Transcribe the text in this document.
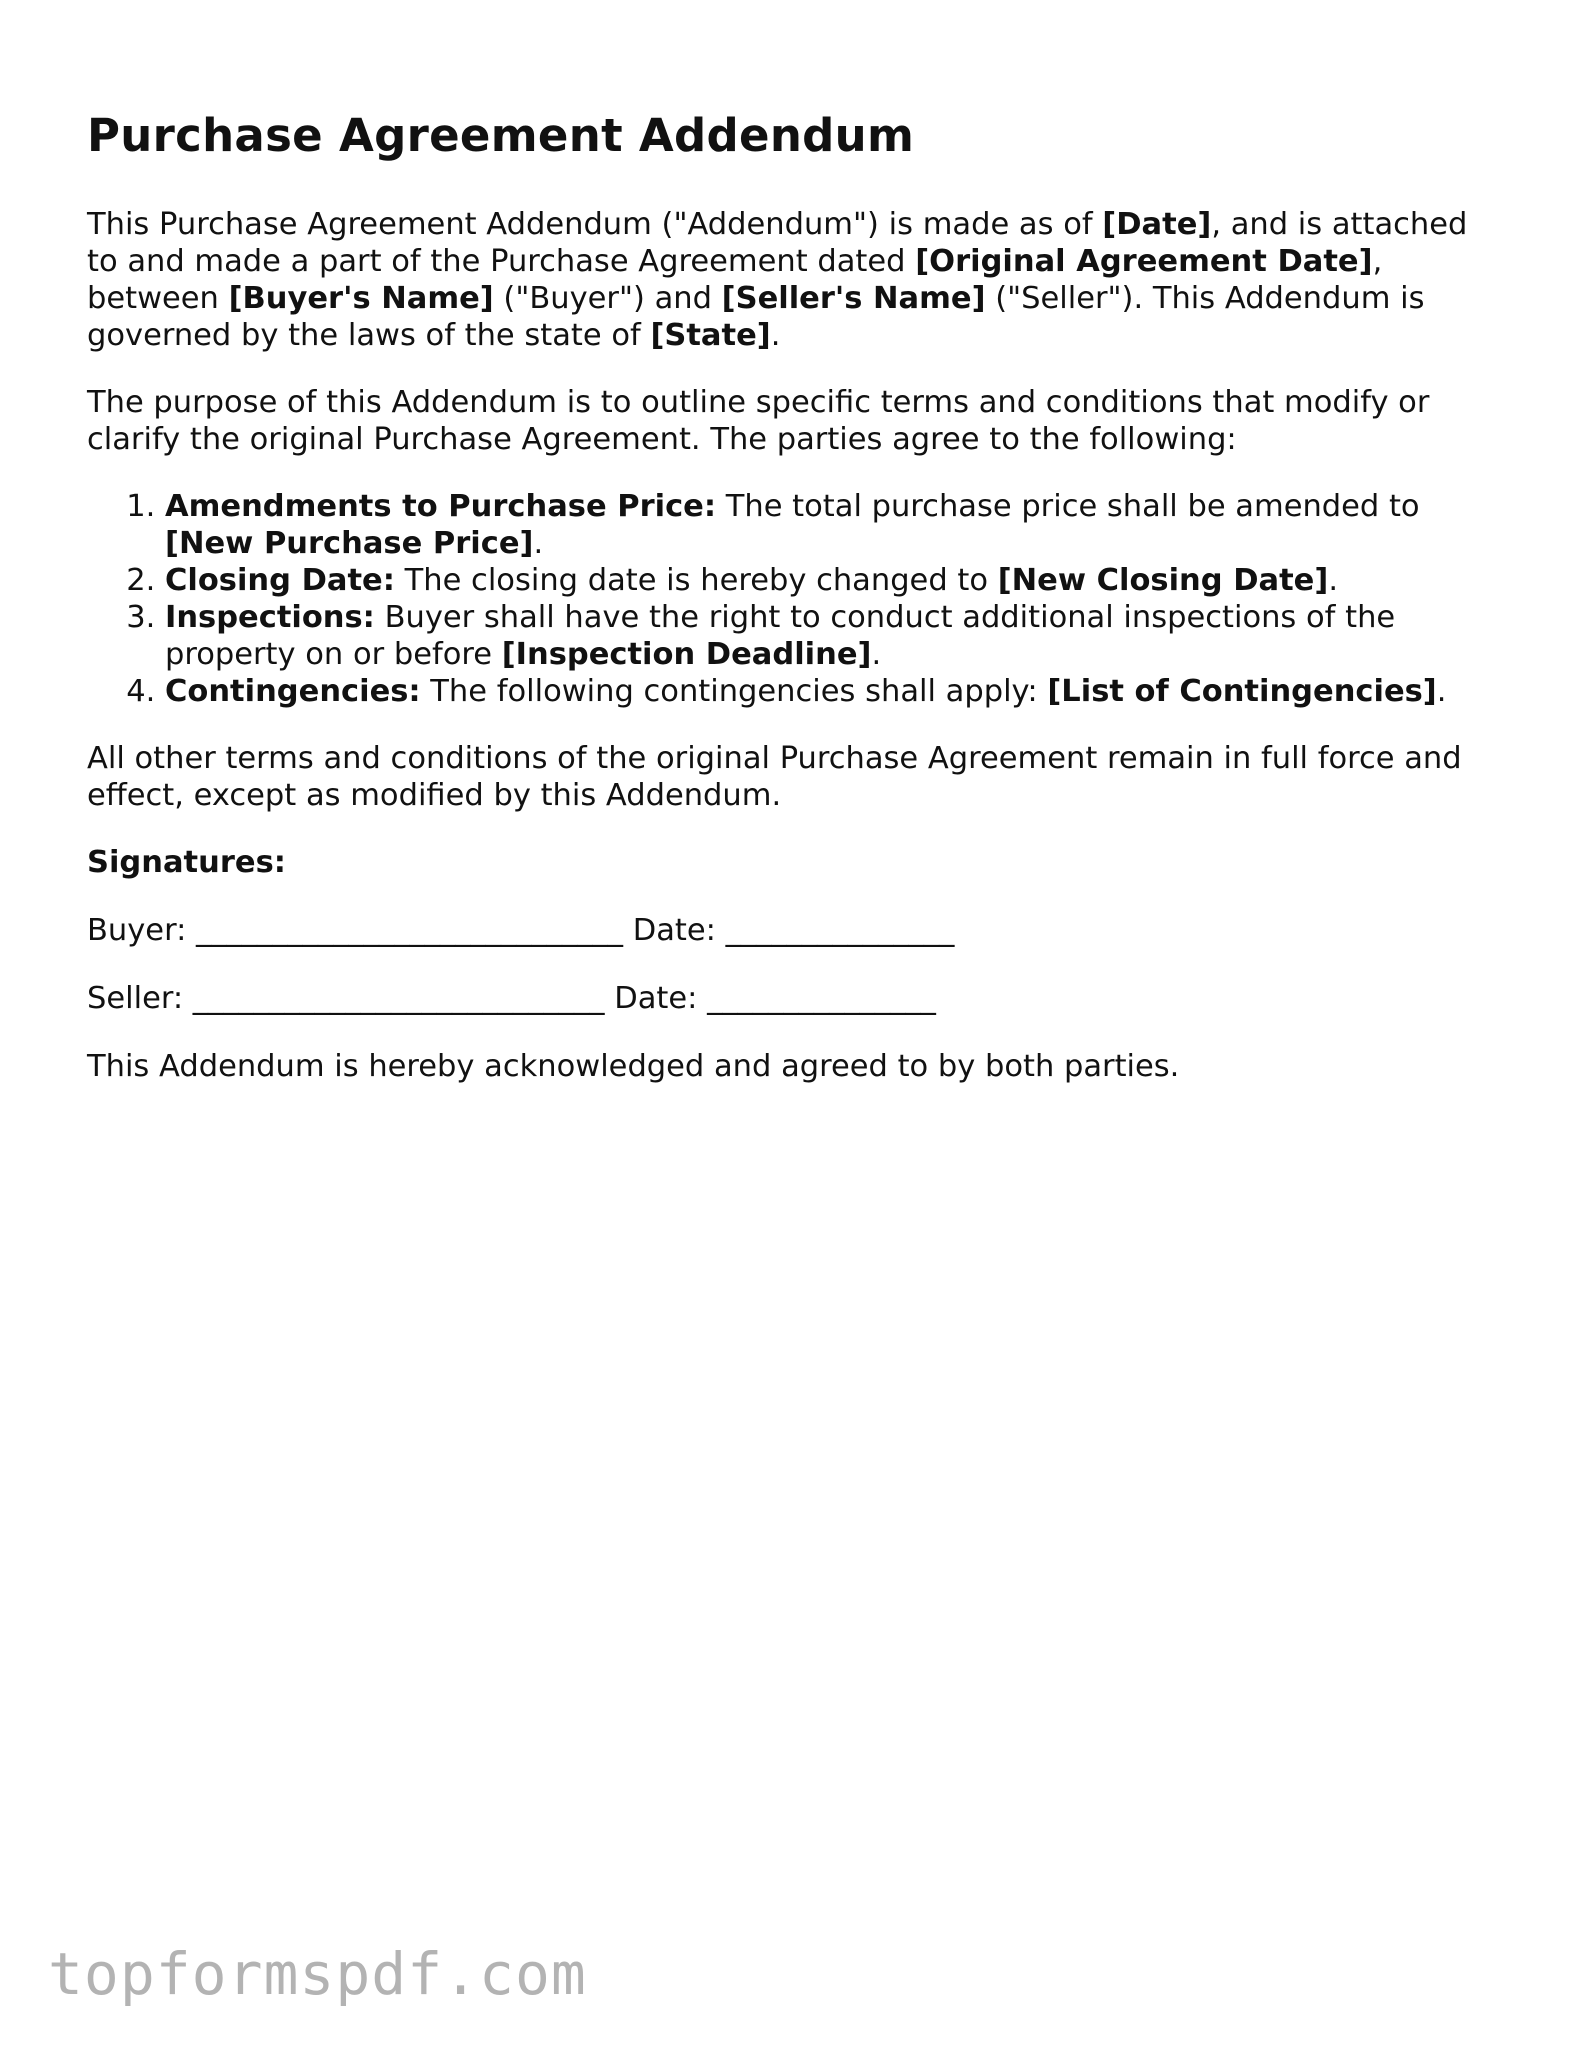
Purchase Agreement Addendum

This Purchase Agreement Addendum ("Addendum") is made as of [Date], and is attached to and made a part of the Purchase Agreement dated [Original Agreement Date], between [Buyer's Name] ("Buyer") and [Seller's Name] ("Seller"). This Addendum is governed by the laws of the state of [State].

The purpose of this Addendum is to outline specific terms and conditions that modify or clarify the original Purchase Agreement. The parties agree to the following:

1. Amendments to Purchase Price: The total purchase price shall be amended to [New Purchase Price].
2. Closing Date: The closing date is hereby changed to [New Closing Date].
3. Inspections: Buyer shall have the right to conduct additional inspections of the property on or before [Inspection Deadline].
4. Contingencies: The following contingencies shall apply: [List of Contingencies].

All other terms and conditions of the original Purchase Agreement remain in full force and effect, except as modified by this Addendum.

Signatures:

Buyer: ____________________________ Date: _______________

Seller: ___________________________ Date: _______________

This Addendum is hereby acknowledged and agreed to by both parties.

topformspdf.com
